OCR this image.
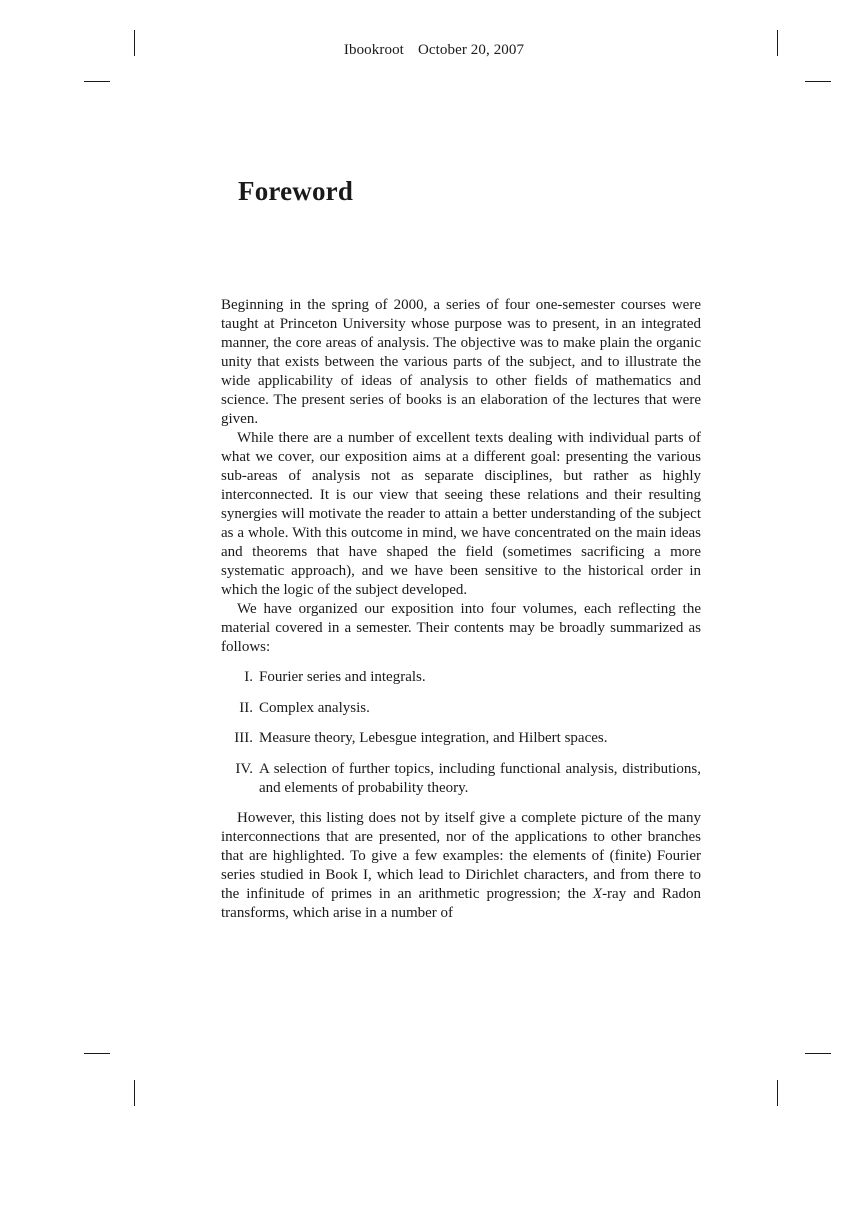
Ibookroot October 20, 2007
Foreword

Beginning in the spring of 2000, a series of four one-semester courses were taught at Princeton University whose purpose was to present, in an integrated manner, the core areas of analysis. The objective was to make plain the organic unity that exists between the various parts of the subject, and to illustrate the wide applicability of ideas of analysis to other fields of mathematics and science. The present series of books is an elaboration of the lectures that were given.

While there are a number of excellent texts dealing with individual parts of what we cover, our exposition aims at a different goal: presenting the various sub-areas of analysis not as separate disciplines, but rather as highly interconnected. It is our view that seeing these relations and their resulting synergies will motivate the reader to attain a better understanding of the subject as a whole. With this outcome in mind, we have concentrated on the main ideas and theorems that have shaped the field (sometimes sacrificing a more systematic approach), and we have been sensitive to the historical order in which the logic of the subject developed.

We have organized our exposition into four volumes, each reflecting the material covered in a semester. Their contents may be broadly summarized as follows:

I. Fourier series and integrals.
II. Complex analysis.
III. Measure theory, Lebesgue integration, and Hilbert spaces.
IV. A selection of further topics, including functional analysis, distributions, and elements of probability theory.

However, this listing does not by itself give a complete picture of the many interconnections that are presented, nor of the applications to other branches that are highlighted. To give a few examples: the elements of (finite) Fourier series studied in Book I, which lead to Dirichlet characters, and from there to the infinitude of primes in an arithmetic progression; the X-ray and Radon transforms, which arise in a number of
